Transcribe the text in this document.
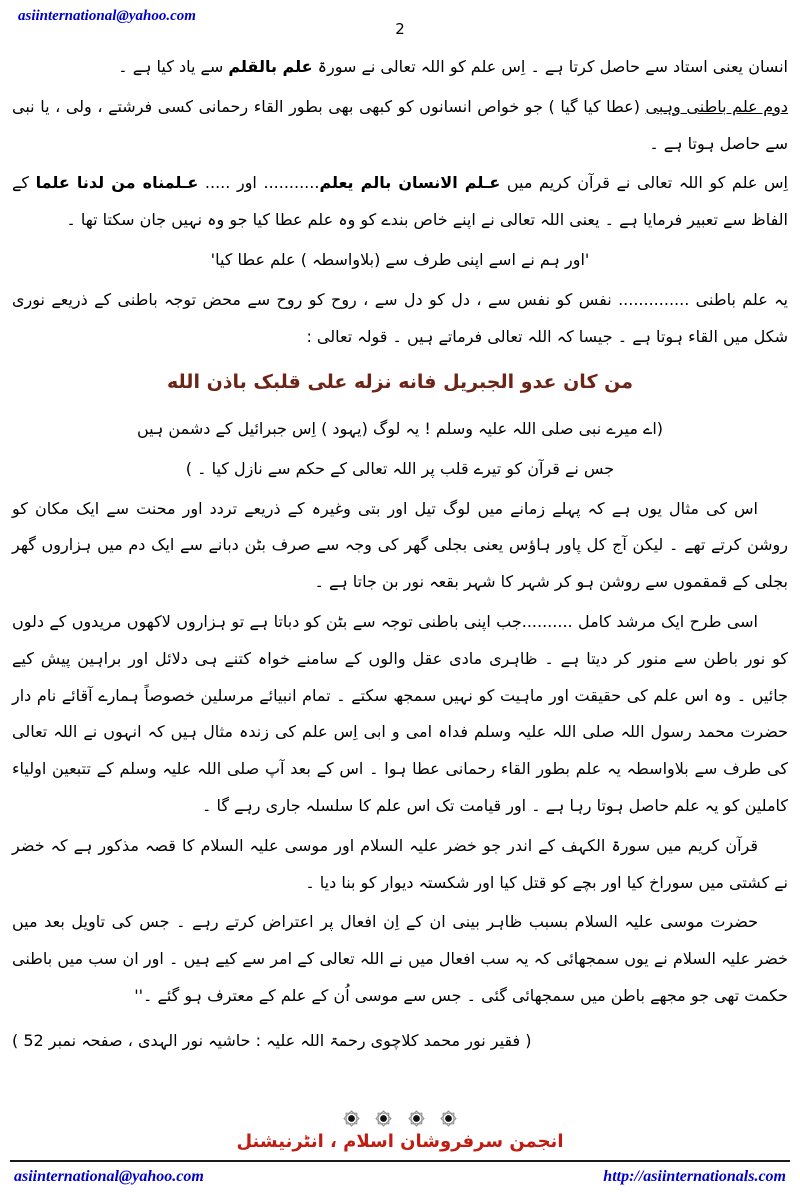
asiinternational@yahoo.com
2

انسان یعنی استاد سے حاصل کرتا ہے ۔ اِس علم کو اللہ تعالی نے سورۃ علم بالقلم سے یاد کیا ہے ۔

دوم علم باطنی وہبی (عطا کیا گیا ) جو خواص انسانوں کو کبھی بھی بطور القاء رحمانی کسی فرشتے ، ولی ، یا نبی سے حاصل ہوتا ہے ۔

اِس علم کو اللہ تعالی نے قرآن کریم میں عـلم الانسان بالم يعلم........... اور ..... عـلمناه من لدنا علما کے الفاظ سے تعبیر فرمایا ہے ۔ یعنی اللہ تعالی نے اپنے خاص بندے کو وہ علم عطا کیا جو وہ نہیں جان سکتا تھا ۔

'اور ہم نے اسے اپنی طرف سے (بلاواسطہ ) علم عطا کیا'

یہ علم باطنی .............. نفس کو نفس سے ، دل کو دل سے ، روح کو روح سے محض توجہ باطنی کے ذریعے نوری شکل میں القاء ہوتا ہے ۔ جیسا کہ اللہ تعالی فرماتے ہیں ۔ قولہ تعالی :

من كان عدو الجبريل فانه نزله علی قلبک باذن الله

(اے میرے نبی صلی اللہ علیہ وسلم ! یہ لوگ (یہود ) اِس جبرائیل کے دشمن ہیں

جس نے قرآن کو تیرے قلب پر اللہ تعالی کے حکم سے نازل کیا ۔ )

اس کی مثال یوں ہے کہ پہلے زمانے میں لوگ تیل اور بتی وغیرہ کے ذریعے تردد اور محنت سے ایک مکان کو روشن کرتے تھے ۔ لیکن آج کل پاور ہاؤس یعنی بجلی گھر کی وجہ سے صرف بٹن دبانے سے ایک دم میں ہزاروں گھر بجلی کے قمقموں سے روشن ہو کر شہر کا شہر بقعہ نور بن جاتا ہے ۔

اسی طرح ایک مرشد کامل ..........جب اپنی باطنی توجہ سے بٹن کو دباتا ہے تو ہزاروں لاکھوں مریدوں کے دلوں کو نور باطن سے منور کر دیتا ہے ۔ ظاہری مادی عقل والوں کے سامنے خواہ کتنے ہی دلائل اور براہین پیش کیے جائیں ۔ وہ اس علم کی حقیقت اور ماہیت کو نہیں سمجھ سکتے ۔ تمام انبیائے مرسلین خصوصاً ہمارے آقائے نام دار حضرت محمد رسول اللہ صلی اللہ علیہ وسلم فداہ امی و ابی اِس علم کی زندہ مثال ہیں کہ انہوں نے اللہ تعالی کی طرف سے بلاواسطہ یہ علم بطور القاء رحمانی عطا ہوا ۔ اس کے بعد آپ صلی اللہ علیہ وسلم کے تتبعین اولیاء کاملین کو یہ علم حاصل ہوتا رہا ہے ۔ اور قیامت تک اس علم کا سلسلہ جاری رہے گا ۔

قرآن کریم میں سورۃ الکہف کے اندر جو خضر علیہ السلام اور موسی علیہ السلام کا قصہ مذکور ہے کہ خضر نے کشتی میں سوراخ کیا اور بچے کو قتل کیا اور شکستہ دیوار کو بنا دیا ۔

حضرت موسی علیہ السلام بسبب ظاہر بینی ان کے اِن افعال پر اعتراض کرتے رہے ۔ جس کی تاویل بعد میں خضر علیہ السلام نے یوں سمجھائی کہ یہ سب افعال میں نے اللہ تعالی کے امر سے کیے ہیں ۔ اور ان سب میں باطنی حکمت تھی جو مجھے باطن میں سمجھائی گئی ۔ جس سے موسی اُن کے علم کے معترف ہو گئے ۔''

( فقیر نور محمد کلاچوی رحمۃ اللہ علیہ : حاشیہ نور الہدی ، صفحہ نمبر 52 )

انجمن سرفروشان اسلام ، انٹرنیشنل
asiinternational@yahoo.com	http://asiinternationals.com
